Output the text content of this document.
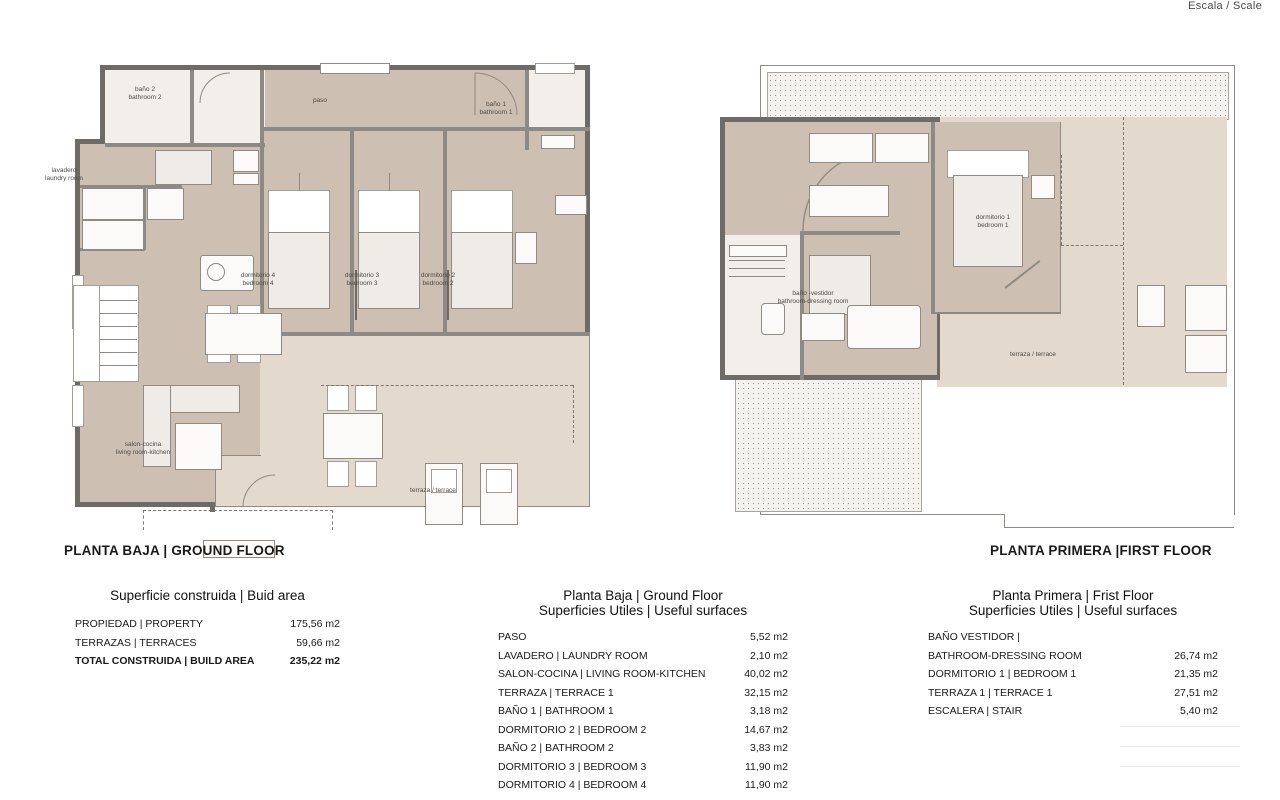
Escala / Scale
baño 2
bathroom 2	paso
baño 1
bathroom 1
lavadero
laundry room
dormitorio 4
bedroom 4
dormitorio 3
bedroom 3
dormitorio 2
bedroom 2
salon-cocina
living room-kitchen
terraza / terrace
dormitorio 1
bedroom 1
baño -vestidor
bathroom-dressing room
terraza / terrace
PLANTA BAJA | GROUND FLOOR	PLANTA PRIMERA |FIRST FLOOR
Superficie construida | Buid area
PROPIEDAD | PROPERTY	175,56 m2
TERRAZAS | TERRACES	59,66 m2
TOTAL CONSTRUIDA | BUILD AREA	235,22 m2
Planta Baja | Ground Floor
Superficies Utiles | Useful surfaces
PASO	5,52 m2
LAVADERO | LAUNDRY ROOM	2,10 m2
SALON-COCINA | LIVING ROOM-KITCHEN	40,02 m2
TERRAZA | TERRACE 1	32,15 m2
BAÑO 1 | BATHROOM 1	3,18 m2
DORMITORIO 2 | BEDROOM 2	14,67 m2
BAÑO 2 | BATHROOM 2	3,83 m2
DORMITORIO 3 | BEDROOM 3	11,90 m2
DORMITORIO 4 | BEDROOM 4	11,90 m2
Planta Primera | Frist Floor
Superficies Utiles | Useful surfaces
BAÑO VESTIDOR |
BATHROOM-DRESSING ROOM	26,74 m2
DORMITORIO 1 | BEDROOM 1	21,35 m2
TERRAZA 1 | TERRACE 1	27,51 m2
ESCALERA | STAIR	5,40 m2
